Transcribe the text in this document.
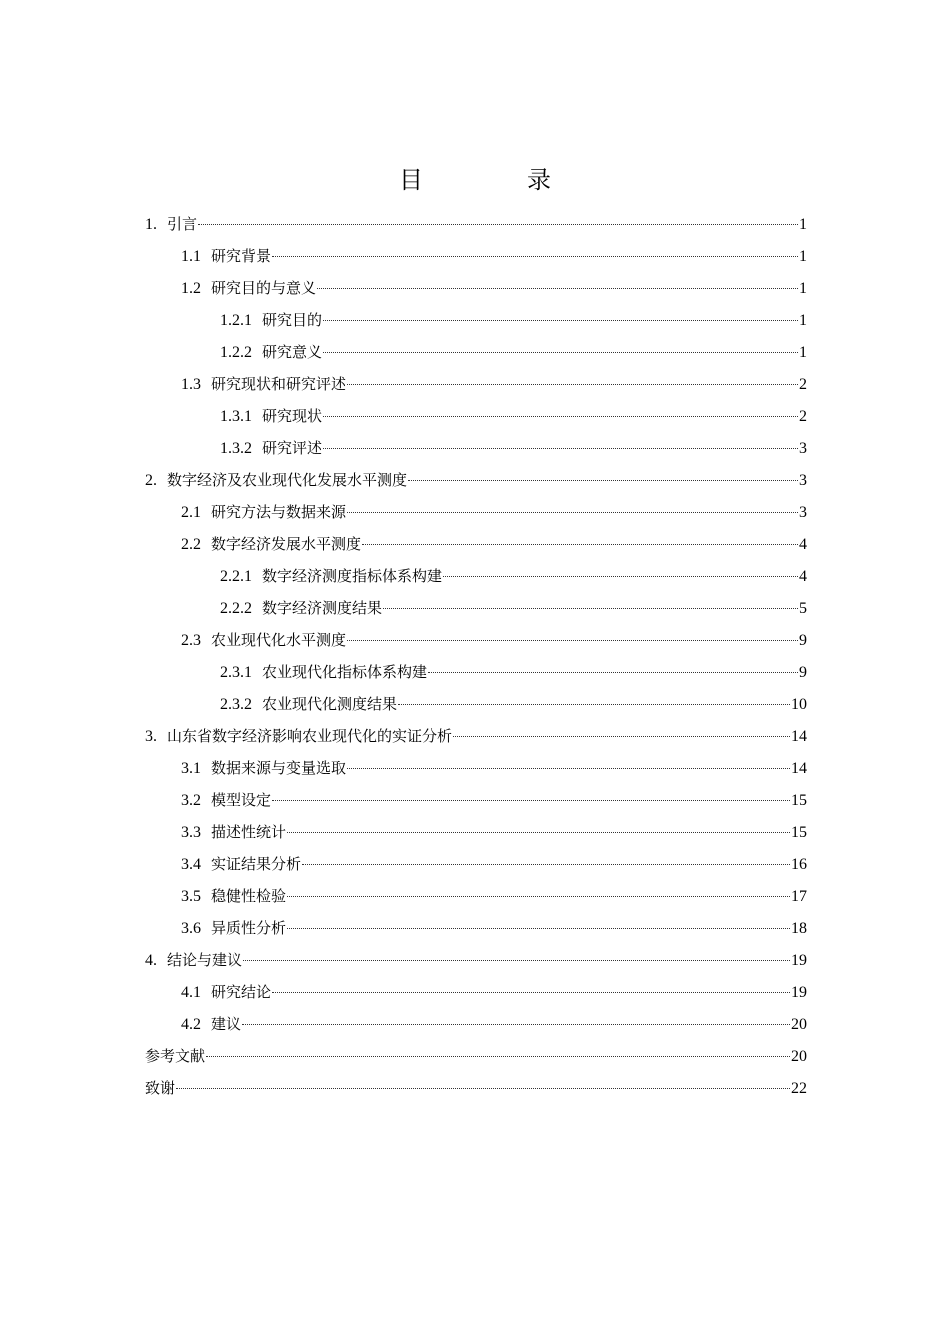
目　录
1. 引言	1
1.1 研究背景	1
1.2 研究目的与意义	1
1.2.1 研究目的	1
1.2.2 研究意义	1
1.3 研究现状和研究评述	2
1.3.1 研究现状	2
1.3.2 研究评述	3
2. 数字经济及农业现代化发展水平测度	3
2.1 研究方法与数据来源	3
2.2 数字经济发展水平测度	4
2.2.1 数字经济测度指标体系构建	4
2.2.2 数字经济测度结果	5
2.3 农业现代化水平测度	9
2.3.1 农业现代化指标体系构建	9
2.3.2 农业现代化测度结果	10
3. 山东省数字经济影响农业现代化的实证分析	14
3.1 数据来源与变量选取	14
3.2 模型设定	15
3.3 描述性统计	15
3.4 实证结果分析	16
3.5 稳健性检验	17
3.6 异质性分析	18
4. 结论与建议	19
4.1 研究结论	19
4.2 建议	20
参考文献	20
致谢	22
